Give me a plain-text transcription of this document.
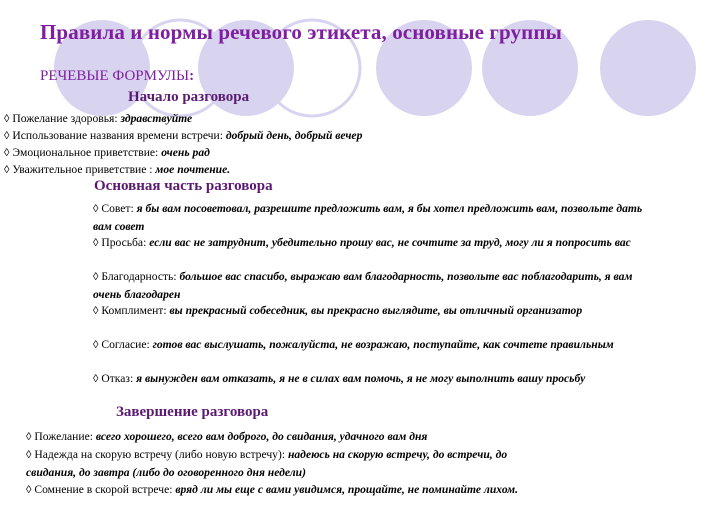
Правила и нормы речевого этикета, основные группы
РЕЧЕВЫЕ ФОРМУЛЫ:
Начало разговора
◊ Пожелание здоровья: здравствуйте
◊ Использование названия времени встречи: добрый день, добрый вечер
◊ Эмоциональное приветствие: очень рад
◊ Уважительное приветствие : мое почтение.
Основная часть разговора
◊ Совет: я бы вам посоветовал, разрешите предложить вам, я бы хотел предложить вам, позвольте дать вам совет
◊ Просьба: если вас не затруднит, убедительно прошу вас, не сочтите за труд, могу ли я попросить вас
◊ Благодарность: большое вас спасибо, выражаю вам благодарность, позвольте вас поблагодарить, я вам очень благодарен
◊ Комплимент: вы прекрасный собеседник, вы прекрасно выглядите, вы отличный организатор
◊ Согласие: готов вас выслушать, пожалуйста, не возражаю, поступайте, как сочтете правильным
◊ Отказ: я вынужден вам отказать, я не в силах вам помочь, я не могу выполнить вашу просьбу
Завершение разговора
◊ Пожелание: всего хорошего, всего вам доброго, до свидания, удачного вам дня
◊ Надежда на скорую встречу (либо новую встречу): надеюсь на скорую встречу, до встречи, до свидания, до завтра (либо до оговоренного дня недели)
◊ Сомнение в скорой встрече: вряд ли мы еще с вами увидимся, прощайте, не поминайте лихом.
